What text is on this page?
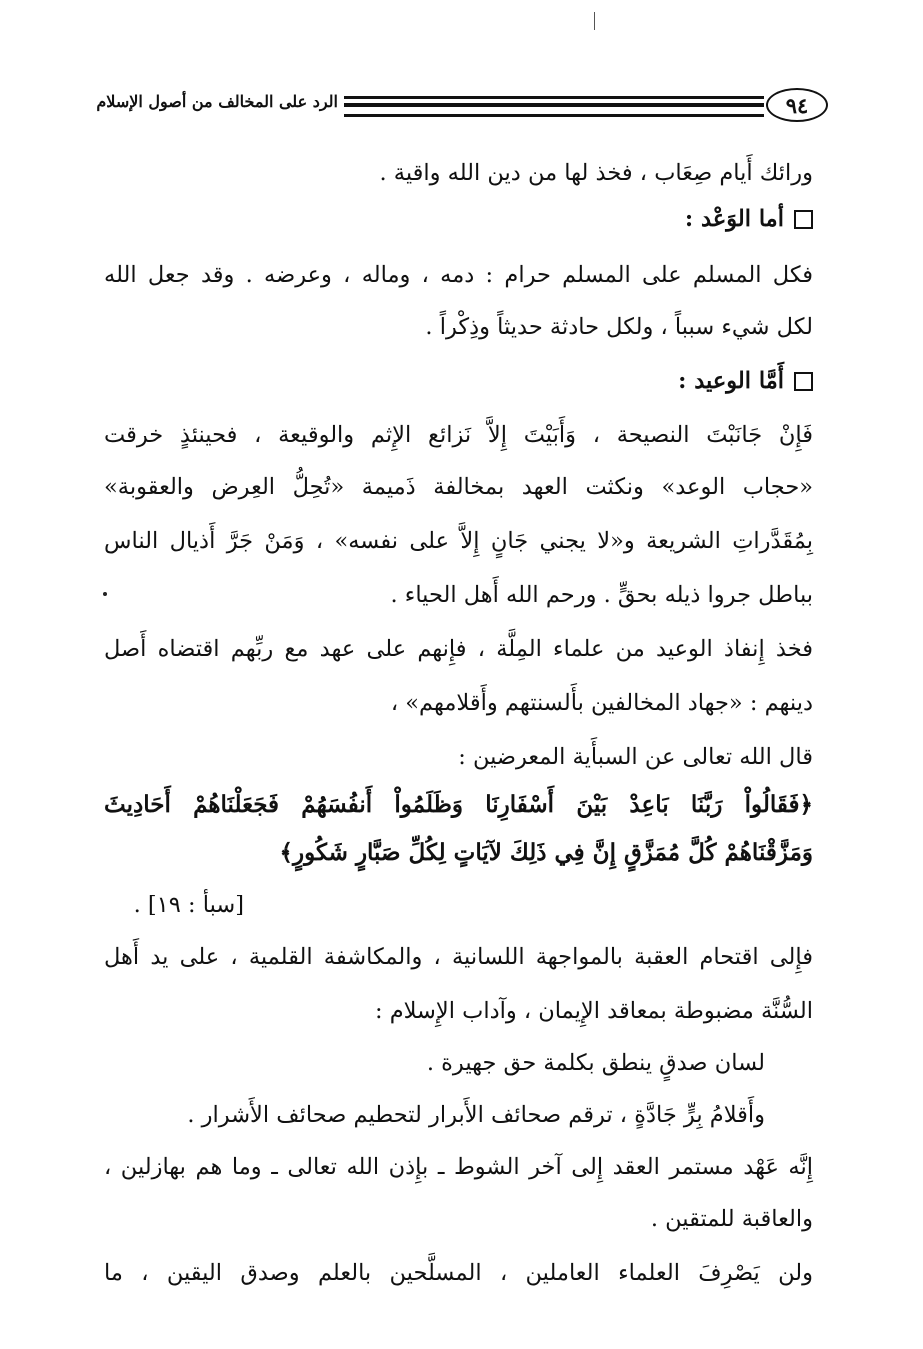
٩٤
الرد على المخالف من أصول الإسلام
ورائك أَيام صِعَاب ، فخذ لها من دين الله واقية .
أما الوَعْد :
فكل المسلم على المسلم حرام : دمه ، وماله ، وعرضه . وقد جعل الله
لكل شيء سبباً ، ولكل حادثة حديثاً وذِكْراً .
أَمَّا الوعيد :
فَإِنْ جَانَبْتَ النصيحة ، وَأَبَيْتَ إِلاَّ نَزائع الإِثم والوقيعة ، فحينئذٍ خرقت
«حجاب الوعد» ونكثت العهد بمخالفة ذَميمة «تُحِلُّ العِرض والعقوبة»
بِمُقَدَّراتِ الشريعة و«لا يجني جَانٍ إِلاَّ على نفسه» ، وَمَنْ جَرَّ أَذيال الناس
بباطل جروا ذيله بحقٍّ . ورحم الله أَهل الحياء .
فخذ إِنفاذ الوعيد من علماء المِلَّة ، فإِنهم على عهد مع ربِّهم اقتضاه أَصل
دينهم : «جهاد المخالفين بأَلسنتهم وأَقلامهم» ،
قال الله تعالى عن السبأَية المعرضين :
﴿فَقَالُواْ رَبَّنَا بَاعِدْ بَيْنَ أَسْفَارِنَا وَظَلَمُواْ أَنفُسَهُمْ فَجَعَلْنَاهُمْ أَحَادِيثَ
وَمَزَّقْنَاهُمْ كُلَّ مُمَزَّقٍ إِنَّ فِي ذَلِكَ لآيَاتٍ لِكُلِّ صَبَّارٍ شَكُورٍ﴾
[سبأ : ١٩] .
فإِلى اقتحام العقبة بالمواجهة اللسانية ، والمكاشفة القلمية ، على يد أَهل
السُّنَّة مضبوطة بمعاقد الإِيمان ، وآداب الإِسلام :
لسان صدقٍ ينطق بكلمة حق جهيرة .
وأَقلامُ بِرٍّ جَادَّةٍ ، ترقم صحائف الأَبرار لتحطيم صحائف الأَشرار .
إِنَّه عَهْد مستمر العقد إِلى آخر الشوط ـ بإِذن الله تعالى ـ وما هم بهازلين ،
والعاقبة للمتقين .
ولن يَصْرِفَ العلماء العاملين ، المسلَّحين بالعلم وصدق اليقين ، ما
